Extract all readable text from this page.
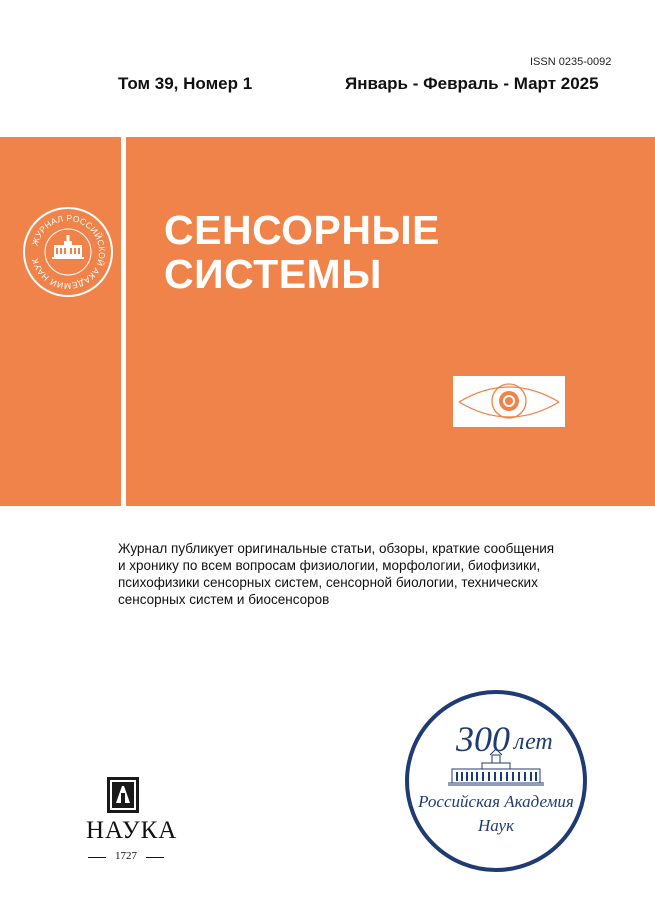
ISSN 0235-0092
Том 39, Номер 1	Январь - Февраль - Март 2025
ЖУРНАЛ РОССИЙСКОЙ АКАДЕМИИ НАУК
СЕНСОРНЫЕ
СИСТЕМЫ

Журнал публикует оригинальные статьи, обзоры, краткие сообщения
и хронику по всем вопросам физиологии, морфологии, биофизики,
психофизики сенсорных систем, сенсорной биологии, технических
сенсорных систем и биосенсоров

НАУКА
1727
300 лет
Российская Академия
Наук
